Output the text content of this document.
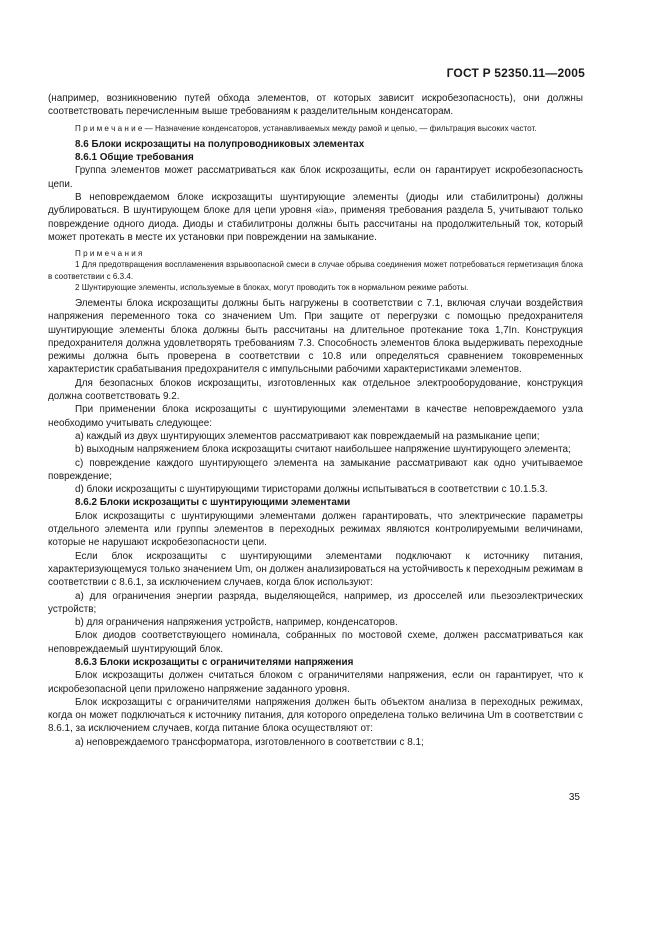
ГОСТ Р 52350.11—2005

(например, возникновению путей обхода элементов, от которых зависит искробезопасность), они должны соответствовать перечисленным выше требованиям к разделительным конденсаторам.

П р и м е ч а н и е — Назначение конденсаторов, устанавливаемых между рамой и цепью, — фильтрация высоких частот.

8.6 Блоки искрозащиты на полупроводниковых элементах

8.6.1 Общие требования

Группа элементов может рассматриваться как блок искрозащиты, если он гарантирует искробезопасность цепи.

В неповреждаемом блоке искрозащиты шунтирующие элементы (диоды или стабилитроны) должны дублироваться. В шунтирующем блоке для цепи уровня «ia», применяя требования раздела 5, учитывают только повреждение одного диода. Диоды и стабилитроны должны быть рассчитаны на продолжительный ток, который может протекать в месте их установки при повреждении на замыкание.

Примечания

1 Для предотвращения воспламенения взрывоопасной смеси в случае обрыва соединения может потребоваться герметизация блока в соответствии с 6.3.4.

2 Шунтирующие элементы, используемые в блоках, могут проводить ток в нормальном режиме работы.

Элементы блока искрозащиты должны быть нагружены в соответствии с 7.1, включая случаи воздействия напряжения переменного тока со значением Um. При защите от перегрузки с помощью предохранителя шунтирующие элементы блока должны быть рассчитаны на длительное протекание тока 1,7In. Конструкция предохранителя должна удовлетворять требованиям 7.3. Способность элементов блока выдерживать переходные режимы должна быть проверена в соответствии с 10.8 или определяться сравнением токовременных характеристик срабатывания предохранителя с импульсными рабочими характеристиками элементов.

Для безопасных блоков искрозащиты, изготовленных как отдельное электрооборудование, конструкция должна соответствовать 9.2.

При применении блока искрозащиты с шунтирующими элементами в качестве неповреждаемого узла необходимо учитывать следующее:

a) каждый из двух шунтирующих элементов рассматривают как повреждаемый на размыкание цепи;

b) выходным напряжением блока искрозащиты считают наибольшее напряжение шунтирующего элемента;

c) повреждение каждого шунтирующего элемента на замыкание рассматривают как одно учитываемое повреждение;

d) блоки искрозащиты с шунтирующими тиристорами должны испытываться в соответствии с 10.1.5.3.

8.6.2 Блоки искрозащиты с шунтирующими элементами

Блок искрозащиты с шунтирующими элементами должен гарантировать, что электрические параметры отдельного элемента или группы элементов в переходных режимах являются контролируемыми величинами, которые не нарушают искробезопасности цепи.

Если блок искрозащиты с шунтирующими элементами подключают к источнику питания, характеризующемуся только значением Um, он должен анализироваться на устойчивость к переходным режимам в соответствии с 8.6.1, за исключением случаев, когда блок используют:

a) для ограничения энергии разряда, выделяющейся, например, из дросселей или пьезоэлектрических устройств;

b) для ограничения напряжения устройств, например, конденсаторов.

Блок диодов соответствующего номинала, собранных по мостовой схеме, должен рассматриваться как неповреждаемый шунтирующий блок.

8.6.3 Блоки искрозащиты с ограничителями напряжения

Блок искрозащиты должен считаться блоком с ограничителями напряжения, если он гарантирует, что к искробезопасной цепи приложено напряжение заданного уровня.

Блок искрозащиты с ограничителями напряжения должен быть объектом анализа в переходных режимах, когда он может подключаться к источнику питания, для которого определена только величина Um в соответствии с 8.6.1, за исключением случаев, когда питание блока осуществляют от:

a) неповреждаемого трансформатора, изготовленного в соответствии с 8.1;

35
